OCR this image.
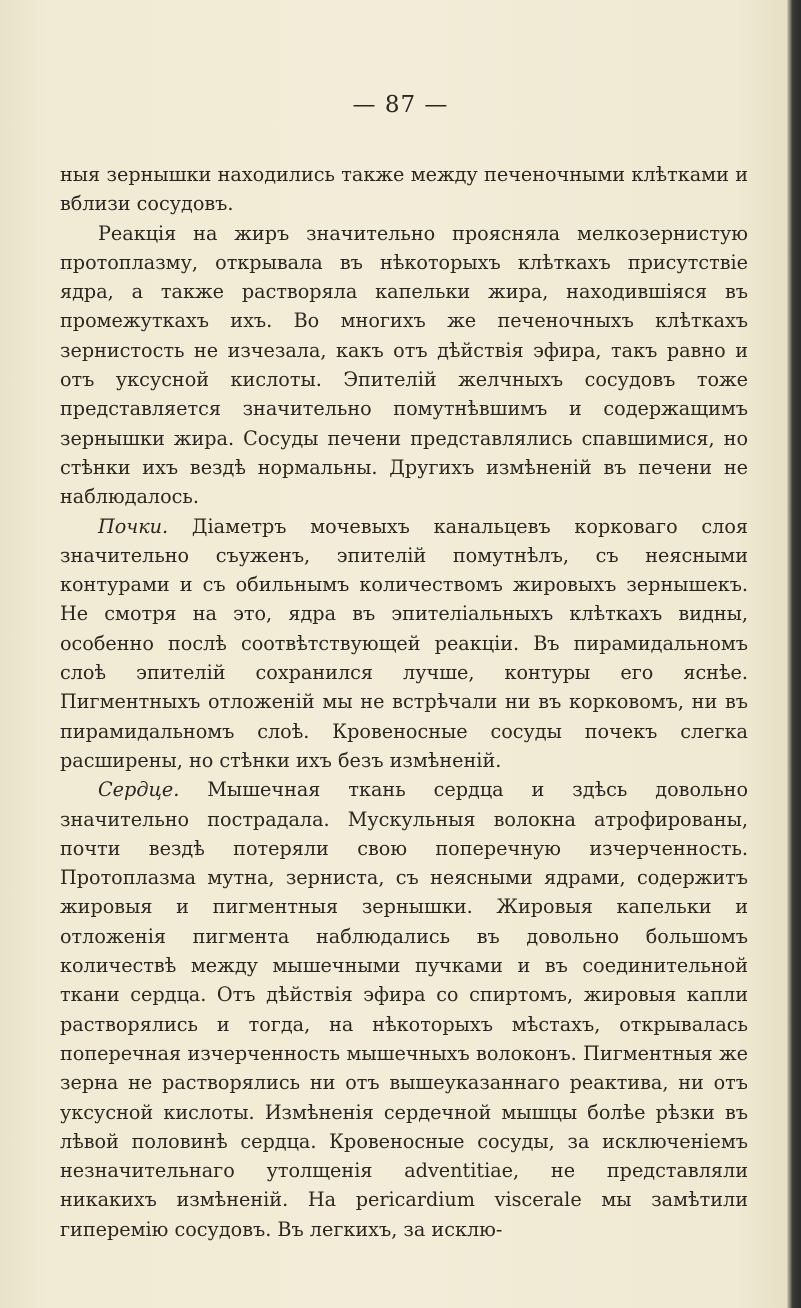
— 87 —

ныя зернышки находились также между печеночными клѣтками и вблизи сосудовъ.

Реакція на жиръ значительно проясняла мелкозернистую протоплазму, открывала въ нѣкоторыхъ клѣткахъ присутствіе ядра, а также растворяла капельки жира, находившіяся въ промежуткахъ ихъ. Во многихъ же печеночныхъ клѣткахъ зернистость не изчезала, какъ отъ дѣйствія эфира, такъ равно и отъ уксусной кислоты. Эпителій желчныхъ сосудовъ тоже представляется значительно помутнѣвшимъ и содержащимъ зернышки жира. Сосуды печени представлялись спавшимися, но стѣнки ихъ вездѣ нормальны. Другихъ измѣненій въ печени не наблюдалось.

Почки. Діаметръ мочевыхъ канальцевъ корковаго слоя значительно съуженъ, эпителій помутнѣлъ, съ неясными контурами и съ обильнымъ количествомъ жировыхъ зернышекъ. Не смотря на это, ядра въ эпителіальныхъ клѣткахъ видны, особенно послѣ соотвѣтствующей реакціи. Въ пирамидальномъ слоѣ эпителій сохранился лучше, контуры его яснѣе. Пигментныхъ отложеній мы не встрѣчали ни въ корковомъ, ни въ пирамидальномъ слоѣ. Кровеносные сосуды почекъ слегка расширены, но стѣнки ихъ безъ измѣненій.

Сердце. Мышечная ткань сердца и здѣсь довольно значительно пострадала. Мускульныя волокна атрофированы, почти вездѣ потеряли свою поперечную изчерченность. Протоплазма мутна, зерниста, съ неясными ядрами, содержитъ жировыя и пигментныя зернышки. Жировыя капельки и отложенія пигмента наблюдались въ довольно большомъ количествѣ между мышечными пучками и въ соединительной ткани сердца. Отъ дѣйствія эфира со спиртомъ, жировыя капли растворялись и тогда, на нѣкоторыхъ мѣстахъ, открывалась поперечная изчерченность мышечныхъ волоконъ. Пигментныя же зерна не растворялись ни отъ вышеуказаннаго реактива, ни отъ уксусной кислоты. Измѣненія сердечной мышцы болѣе рѣзки въ лѣвой половинѣ сердца. Кровеносные сосуды, за исключеніемъ незначительнаго утолщенія adventitiae, не представляли никакихъ измѣненій. На pericardium viscerale мы замѣтили гиперемію сосудовъ. Въ легкихъ, за исклю-
